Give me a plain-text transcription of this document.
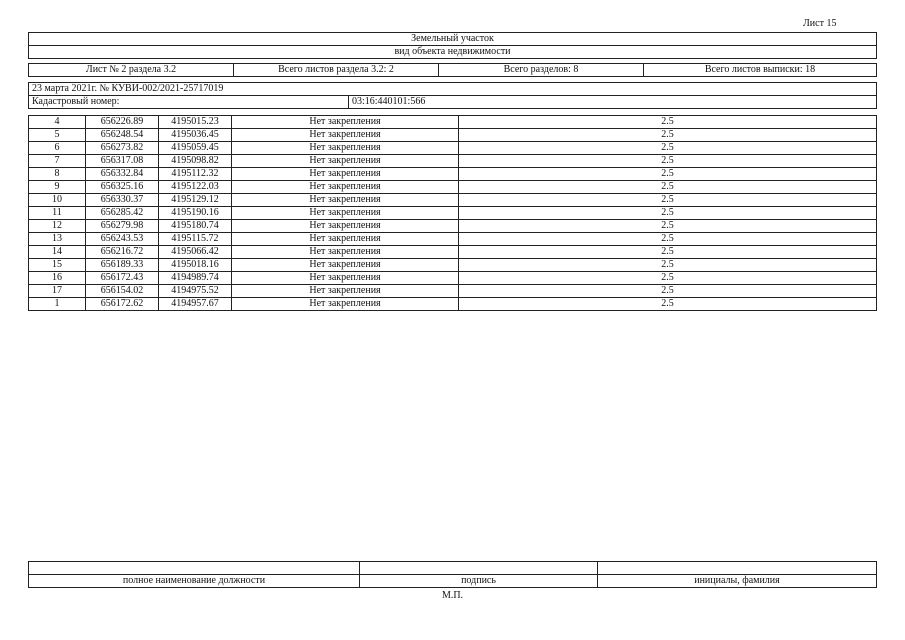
Лист 15
Земельный участок
вид объекта недвижимости
Лист № 2 раздела 3.2	Всего листов раздела 3.2: 2	Всего разделов: 8	Всего листов выписки: 18
23 марта 2021г. № КУВИ-002/2021-25717019
Кадастровый номер:	03:16:440101:566
4	656226.89	4195015.23	Нет закрепления	2.5
5	656248.54	4195036.45	Нет закрепления	2.5
6	656273.82	4195059.45	Нет закрепления	2.5
7	656317.08	4195098.82	Нет закрепления	2.5
8	656332.84	4195112.32	Нет закрепления	2.5
9	656325.16	4195122.03	Нет закрепления	2.5
10	656330.37	4195129.12	Нет закрепления	2.5
11	656285.42	4195190.16	Нет закрепления	2.5
12	656279.98	4195180.74	Нет закрепления	2.5
13	656243.53	4195115.72	Нет закрепления	2.5
14	656216.72	4195066.42	Нет закрепления	2.5
15	656189.33	4195018.16	Нет закрепления	2.5
16	656172.43	4194989.74	Нет закрепления	2.5
17	656154.02	4194975.52	Нет закрепления	2.5
1	656172.62	4194957.67	Нет закрепления	2.5

полное наименование должности	подпись	инициалы, фамилия
М.П.
